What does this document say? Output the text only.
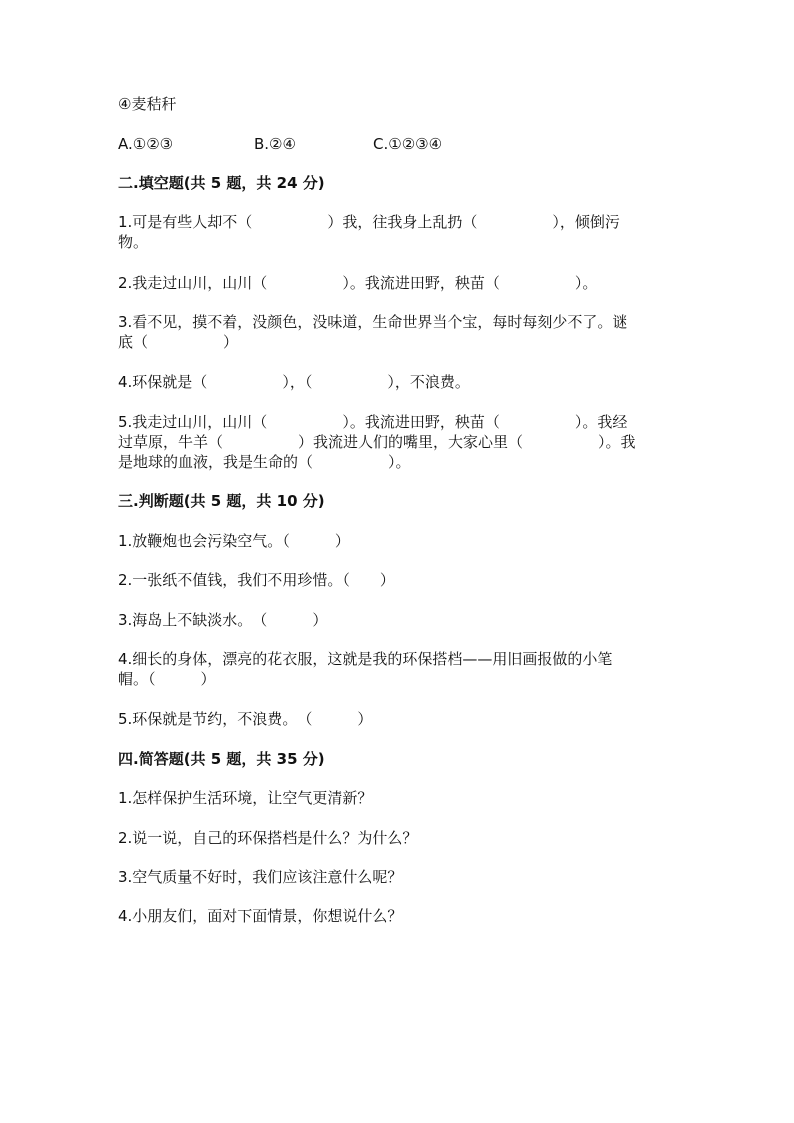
④麦秸秆

A.①②③	B.②④	C.①②③④

二.填空题(共 5 题，共 24 分)

1.可是有些人却不（　　　　　）我，往我身上乱扔（　　　　　），倾倒污

物。

2.我走过山川，山川（　　　　　）。我流进田野，秧苗（　　　　　）。

3.看不见，摸不着，没颜色，没味道，生命世界当个宝，每时每刻少不了。谜

底（　　　　　）

4.环保就是（　　　　　），（　　　　　），不浪费。

5.我走过山川，山川（　　　　　）。我流进田野，秧苗（　　　　　）。我经

过草原，牛羊（　　　　　）我流进人们的嘴里，大家心里（　　　　　）。我

是地球的血液，我是生命的（　　　　　）。

三.判断题(共 5 题，共 10 分)

1.放鞭炮也会污染空气。（　　　）

2.一张纸不值钱，我们不用珍惜。（　　）

3.海岛上不缺淡水。　（　　　）

4.细长的身体，漂亮的花衣服，这就是我的环保搭档——用旧画报做的小笔

帽。（　　　）

5.环保就是节约，不浪费。　（　　　）

四.简答题(共 5 题，共 35 分)

1.怎样保护生活环境，让空气更清新？

2.说一说，自己的环保搭档是什么？为什么？

3.空气质量不好时，我们应该注意什么呢？

4.小朋友们，面对下面情景，你想说什么？
